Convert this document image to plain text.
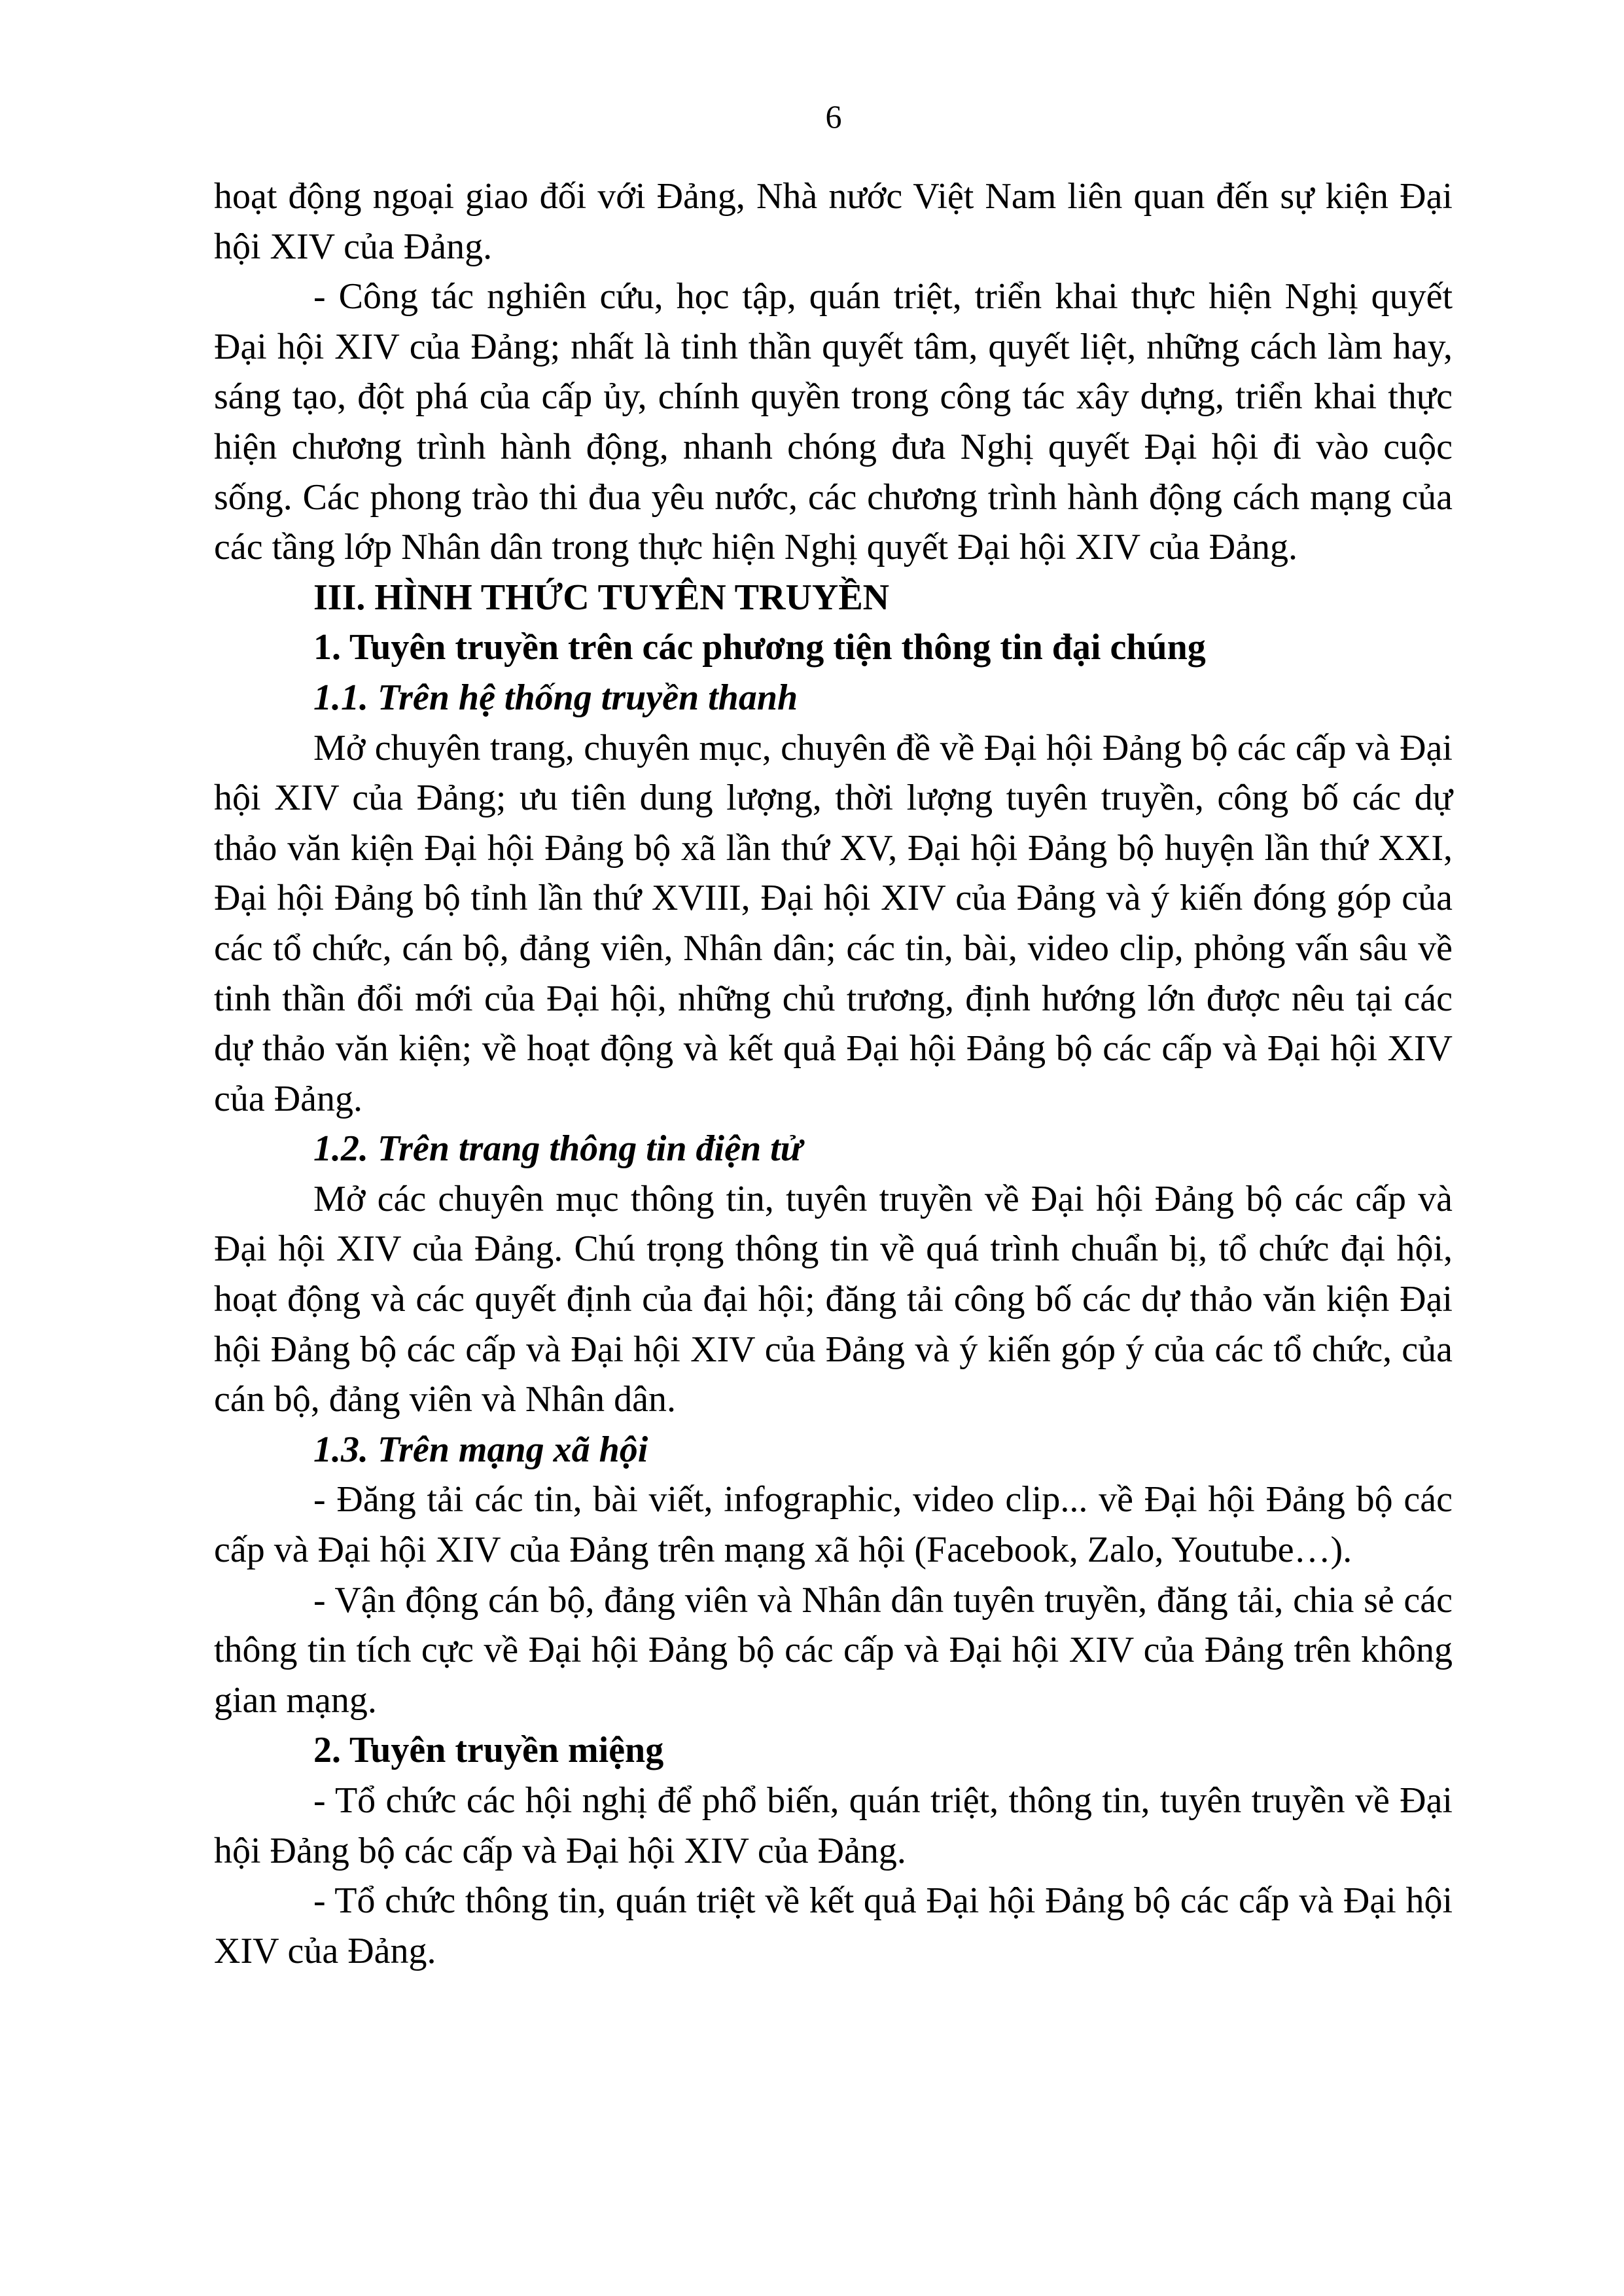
6

hoạt động ngoại giao đối với Đảng, Nhà nước Việt Nam liên quan đến sự kiện Đại hội XIV của Đảng.

- Công tác nghiên cứu, học tập, quán triệt, triển khai thực hiện Nghị quyết Đại hội XIV của Đảng; nhất là tinh thần quyết tâm, quyết liệt, những cách làm hay, sáng tạo, đột phá của cấp ủy, chính quyền trong công tác xây dựng, triển khai thực hiện chương trình hành động, nhanh chóng đưa Nghị quyết Đại hội đi vào cuộc sống. Các phong trào thi đua yêu nước, các chương trình hành động cách mạng của các tầng lớp Nhân dân trong thực hiện Nghị quyết Đại hội XIV của Đảng.

III. HÌNH THỨC TUYÊN TRUYỀN

1. Tuyên truyền trên các phương tiện thông tin đại chúng

1.1. Trên hệ thống truyền thanh

Mở chuyên trang, chuyên mục, chuyên đề về Đại hội Đảng bộ các cấp và Đại hội XIV của Đảng; ưu tiên dung lượng, thời lượng tuyên truyền, công bố các dự thảo văn kiện Đại hội Đảng bộ xã lần thứ XV, Đại hội Đảng bộ huyện lần thứ XXI, Đại hội Đảng bộ tỉnh lần thứ XVIII, Đại hội XIV của Đảng và ý kiến đóng góp của các tổ chức, cán bộ, đảng viên, Nhân dân; các tin, bài, video clip, phỏng vấn sâu về tinh thần đổi mới của Đại hội, những chủ trương, định hướng lớn được nêu tại các dự thảo văn kiện; về hoạt động và kết quả Đại hội Đảng bộ các cấp và Đại hội XIV của Đảng.

1.2. Trên trang thông tin điện tử

Mở các chuyên mục thông tin, tuyên truyền về Đại hội Đảng bộ các cấp và Đại hội XIV của Đảng. Chú trọng thông tin về quá trình chuẩn bị, tổ chức đại hội, hoạt động và các quyết định của đại hội; đăng tải công bố các dự thảo văn kiện Đại hội Đảng bộ các cấp và Đại hội XIV của Đảng và ý kiến góp ý của các tổ chức, của cán bộ, đảng viên và Nhân dân.

1.3. Trên mạng xã hội

- Đăng tải các tin, bài viết, infographic, video clip... về Đại hội Đảng bộ các cấp và Đại hội XIV của Đảng trên mạng xã hội (Facebook, Zalo, Youtube…).

- Vận động cán bộ, đảng viên và Nhân dân tuyên truyền, đăng tải, chia sẻ các thông tin tích cực về Đại hội Đảng bộ các cấp và Đại hội XIV của Đảng trên không gian mạng.

2. Tuyên truyền miệng

- Tổ chức các hội nghị để phổ biến, quán triệt, thông tin, tuyên truyền về Đại hội Đảng bộ các cấp và Đại hội XIV của Đảng.

- Tổ chức thông tin, quán triệt về kết quả Đại hội Đảng bộ các cấp và Đại hội XIV của Đảng.
